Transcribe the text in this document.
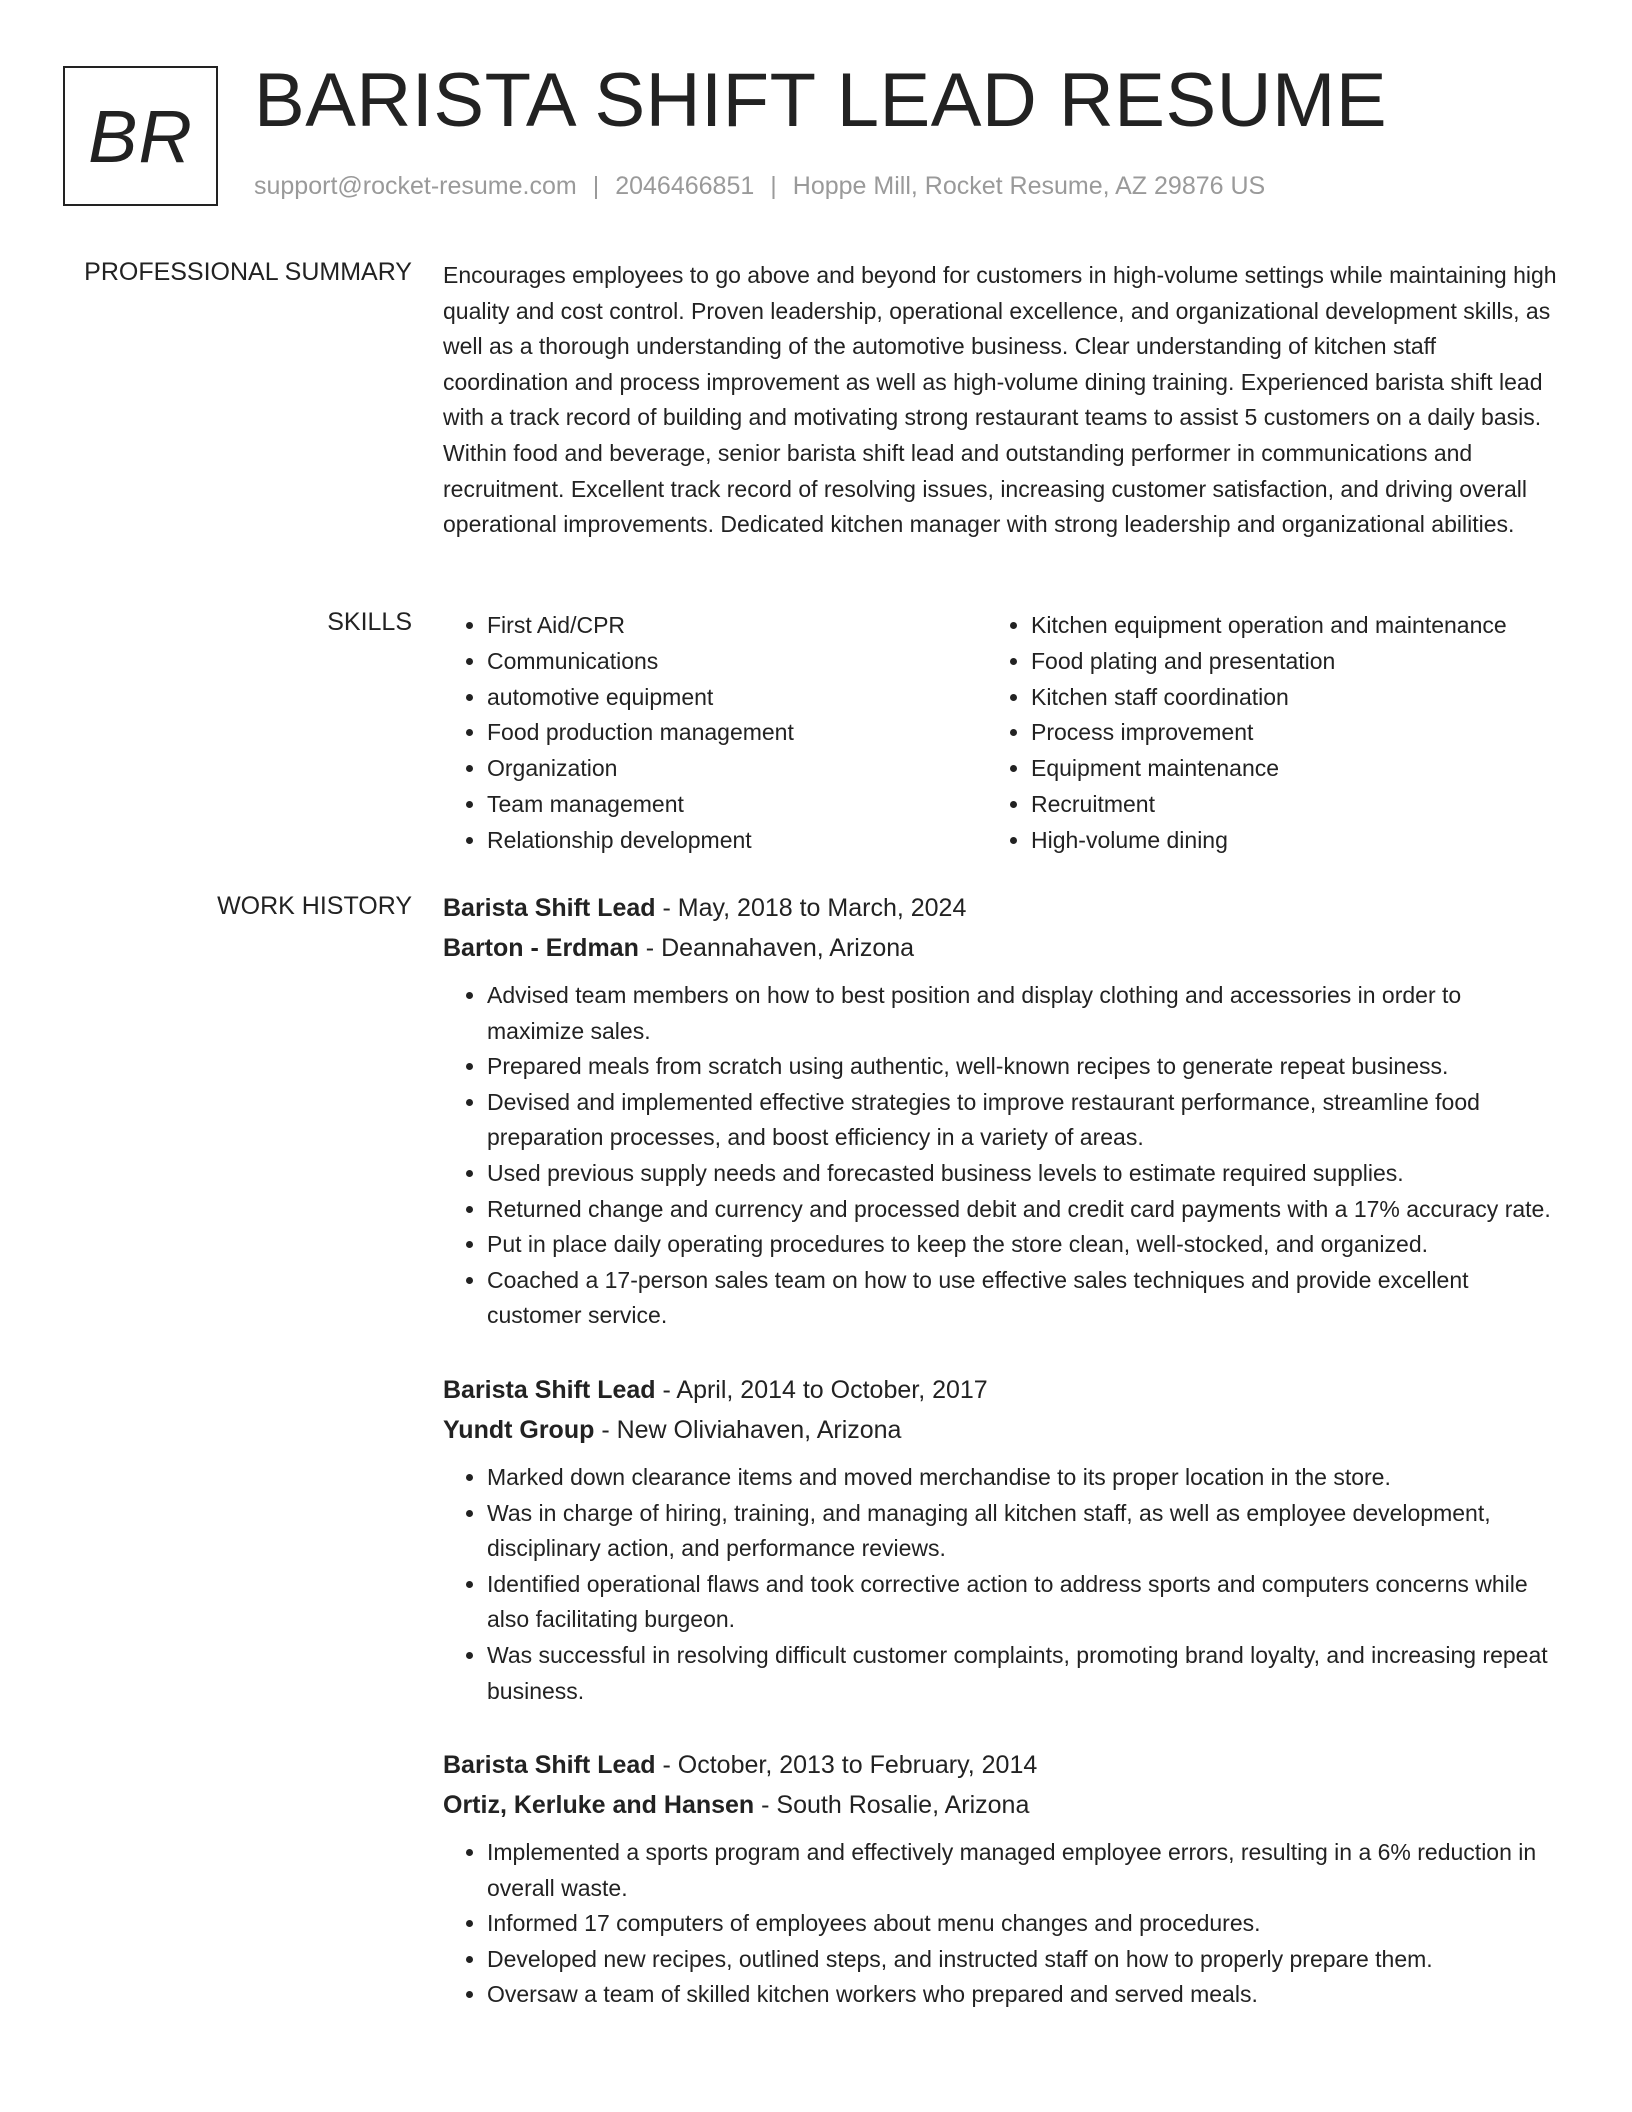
BR BARISTA SHIFT LEAD RESUME
support@rocket-resume.com | 2046466851 | Hoppe Mill, Rocket Resume, AZ 29876 US
PROFESSIONAL SUMMARY Encourages employees to go above and beyond for customers in high-volume settings while maintaining high quality and cost control. Proven leadership, operational excellence, and organizational development skills, as well as a thorough understanding of the automotive business. Clear understanding of kitchen staff coordination and process improvement as well as high-volume dining training. Experienced barista shift lead with a track record of building and motivating strong restaurant teams to assist 5 customers on a daily basis. Within food and beverage, senior barista shift lead and outstanding performer in communications and recruitment. Excellent track record of resolving issues, increasing customer satisfaction, and driving overall operational improvements. Dedicated kitchen manager with strong leadership and organizational abilities.

SKILLS
•	First Aid/CPR
• Communications
• automotive equipment
• Food production management
• Organization
• Team management
• Relationship development
• Kitchen equipment operation and maintenance
• Food plating and presentation
• Kitchen staff coordination
• Process improvement
• Equipment maintenance
• Recruitment
• High-volume dining
WORK HISTORY Barista Shift Lead - May, 2018 to March, 2024
Barton - Erdman - Deannahaven, Arizona
• Advised team members on how to best position and display clothing and accessories in order to maximize sales.
• Prepared meals from scratch using authentic, well-known recipes to generate repeat business.
• Devised and implemented effective strategies to improve restaurant performance, streamline food preparation processes, and boost efficiency in a variety of areas.
• Used previous supply needs and forecasted business levels to estimate required supplies.
• Returned change and currency and processed debit and credit card payments with a 17% accuracy rate.
• Put in place daily operating procedures to keep the store clean, well-stocked, and organized.
• Coached a 17-person sales team on how to use effective sales techniques and provide excellent customer service.
Barista Shift Lead - April, 2014 to October, 2017
Yundt Group - New Oliviahaven, Arizona
• Marked down clearance items and moved merchandise to its proper location in the store.
• Was in charge of hiring, training, and managing all kitchen staff, as well as employee development, disciplinary action, and performance reviews.
• Identified operational flaws and took corrective action to address sports and computers concerns while also facilitating burgeon.
• Was successful in resolving difficult customer complaints, promoting brand loyalty, and increasing repeat business.
Barista Shift Lead - October, 2013 to February, 2014
Ortiz, Kerluke and Hansen - South Rosalie, Arizona
• Implemented a sports program and effectively managed employee errors, resulting in a 6% reduction in overall waste.
• Informed 17 computers of employees about menu changes and procedures.
• Developed new recipes, outlined steps, and instructed staff on how to properly prepare them.
• Oversaw a team of skilled kitchen workers who prepared and served meals.
